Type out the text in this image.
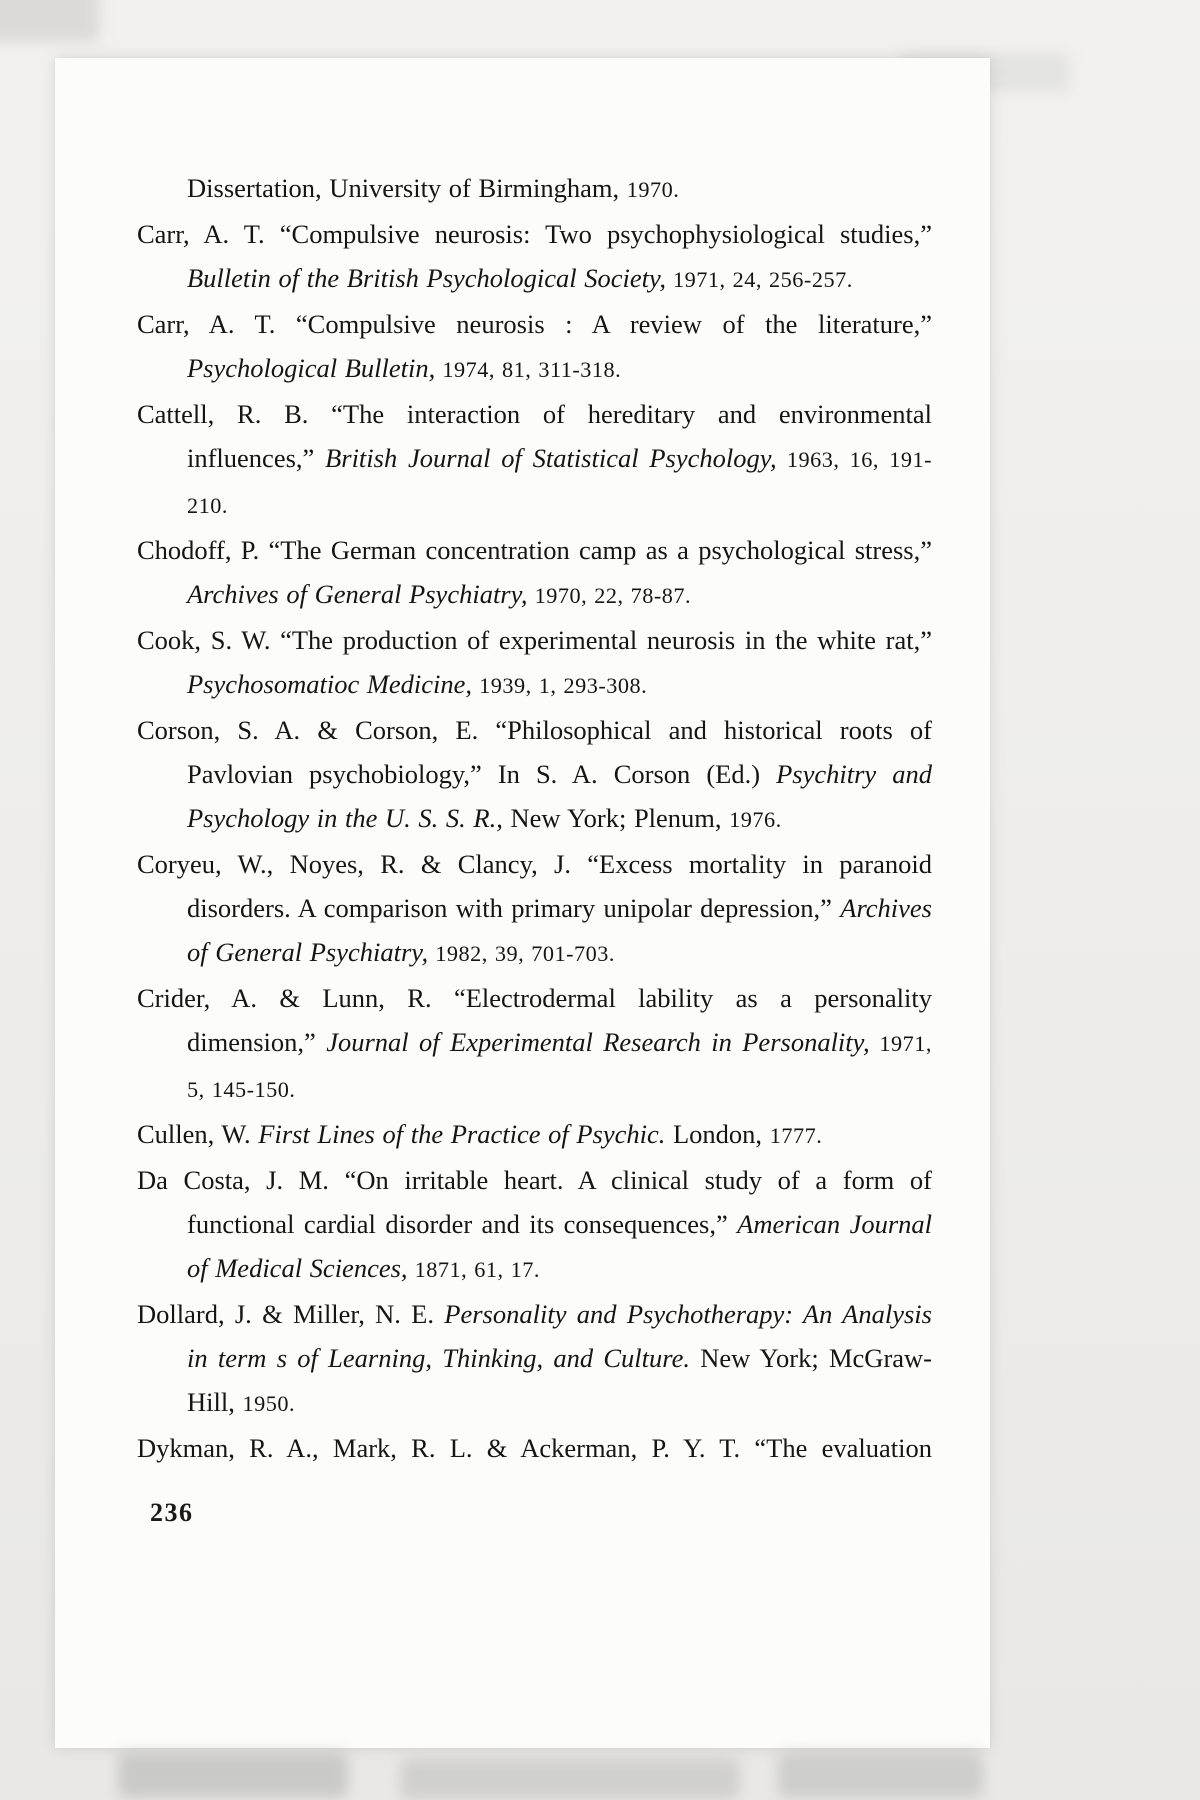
Dissertation, University of Birmingham, 1970.

Carr, A. T. “Compulsive neurosis: Two psychophysiological studies,” Bulletin of the British Psychological Society, 1971, 24, 256-257.

Carr, A. T. “Compulsive neurosis : A review of the literature,” Psychological Bulletin, 1974, 81, 311-318.

Cattell, R. B. “The interaction of hereditary and environmental influences,” British Journal of Statistical Psychology, 1963, 16, 191-210.

Chodoff, P. “The German concentration camp as a psychological stress,” Archives of General Psychiatry, 1970, 22, 78-87.

Cook, S. W. “The production of experimental neurosis in the white rat,” Psychosomatioc Medicine, 1939, 1, 293-308.

Corson, S. A. & Corson, E. “Philosophical and historical roots of Pavlovian psychobiology,” In S. A. Corson (Ed.) Psychitry and Psychology in the U. S. S. R., New York; Plenum, 1976.

Coryeu, W., Noyes, R. & Clancy, J. “Excess mortality in paranoid disorders. A comparison with primary unipolar depression,” Archives of General Psychiatry, 1982, 39, 701-703.

Crider, A. & Lunn, R. “Electrodermal lability as a personality dimension,” Journal of Experimental Research in Personality, 1971, 5, 145-150.

Cullen, W. First Lines of the Practice of Psychic. London, 1777.

Da Costa, J. M. “On irritable heart. A clinical study of a form of functional cardial disorder and its consequences,” American Journal of Medical Sciences, 1871, 61, 17.

Dollard, J. & Miller, N. E. Personality and Psychotherapy: An Analysis in term s of Learning, Thinking, and Culture. New York; McGraw-Hill, 1950.

Dykman, R. A., Mark, R. L. & Ackerman, P. Y. T. “The evaluation

236
